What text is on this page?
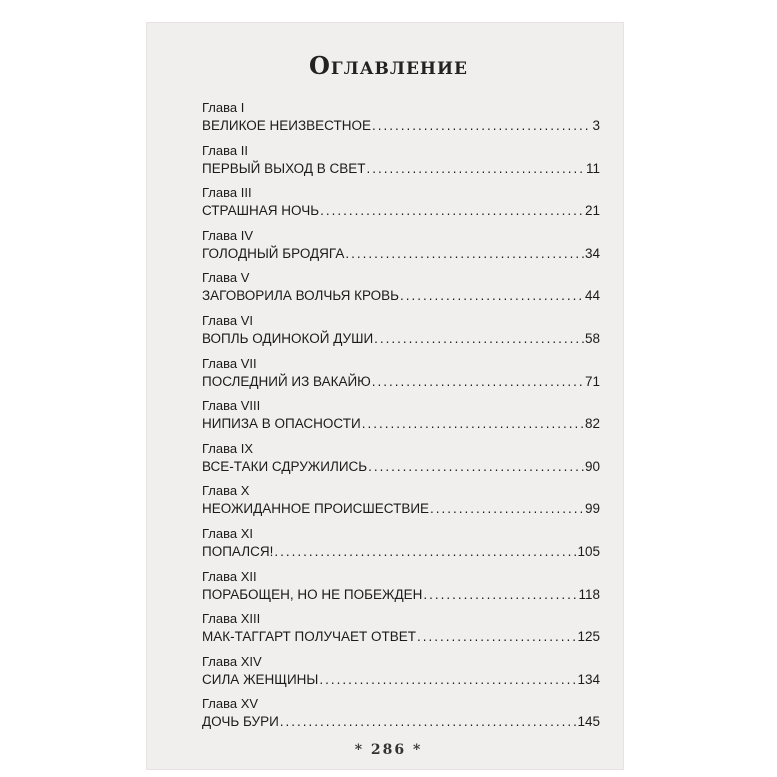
Оглавление
Глава I
ВЕЛИКОЕ НЕИЗВЕСТНОЕ .....	3
Глава II
ПЕРВЫЙ ВЫХОД В СВЕТ .....	11
Глава III
СТРАШНАЯ НОЧЬ .....	21
Глава IV
ГОЛОДНЫЙ БРОДЯГА .....	34
Глава V
ЗАГОВОРИЛА ВОЛЧЬЯ КРОВЬ .....	44
Глава VI
ВОПЛЬ ОДИНОКОЙ ДУШИ .....	58
Глава VII
ПОСЛЕДНИЙ ИЗ ВАКАЙЮ .....	71
Глава VIII
НИПИЗА В ОПАСНОСТИ .....	82
Глава IX
ВСЕ-ТАКИ СДРУЖИЛИСЬ .....	90
Глава X
НЕОЖИДАННОЕ ПРОИСШЕСТВИЕ .....	99
Глава XI
ПОПАЛСЯ! .....	105
Глава XII
ПОРАБОЩЕН, НО НЕ ПОБЕЖДЕН .....	118
Глава XIII
МАК-ТАГГАРТ ПОЛУЧАЕТ ОТВЕТ .....	125
Глава XIV
СИЛА ЖЕНЩИНЫ .....	134
Глава XV
ДОЧЬ БУРИ .....	145
* 286 *
